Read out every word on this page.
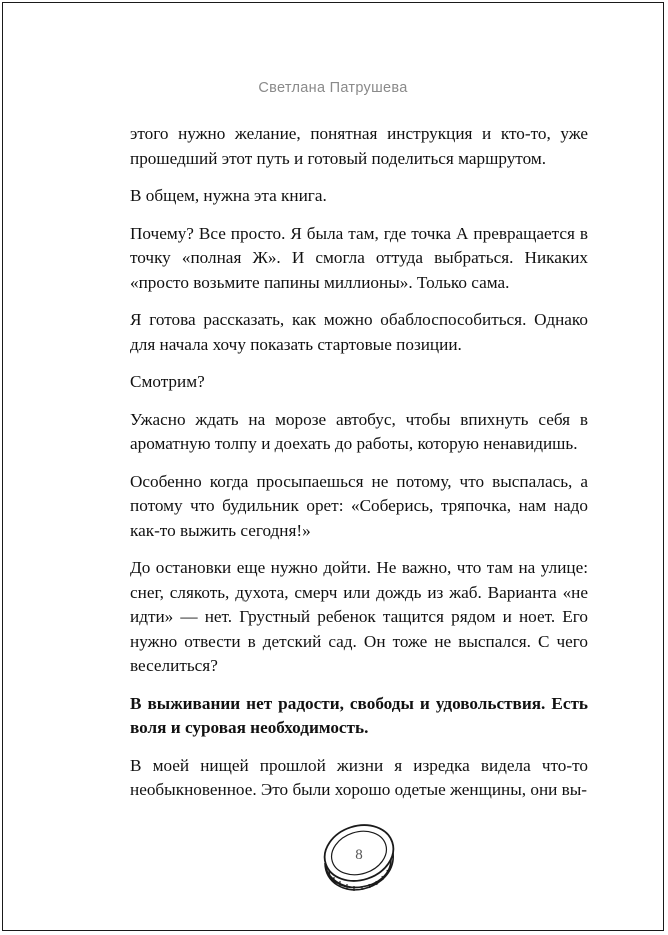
Светлана Патрушева

этого нужно желание, понятная инструкция и кто-то, уже прошедший этот путь и готовый поделиться маршрутом.

В общем, нужна эта книга.

Почему? Все просто. Я была там, где точка А превращается в точку «полная Ж». И смогла оттуда выбраться. Никаких «просто возьмите папины миллионы». Только сама.

Я готова рассказать, как можно обаблоспособиться. Однако для начала хочу показать стартовые позиции.

Смотрим?

Ужасно ждать на морозе автобус, чтобы впихнуть себя в ароматную толпу и доехать до работы, которую ненавидишь.

Особенно когда просыпаешься не потому, что выспалась, а потому что будильник орет: «Соберись, тряпочка, нам надо как-то выжить сегодня!»

До остановки еще нужно дойти. Не важно, что там на улице: снег, слякоть, духота, смерч или дождь из жаб. Варианта «не идти» — нет. Грустный ребенок тащится рядом и ноет. Его нужно отвести в детский сад. Он тоже не выспался. С чего веселиться?

В выживании нет радости, свободы и удовольствия. Есть воля и суровая необходимость.

В моей нищей прошлой жизни я изредка видела что-то необыкновенное. Это были хорошо одетые женщины, они вы-

8
